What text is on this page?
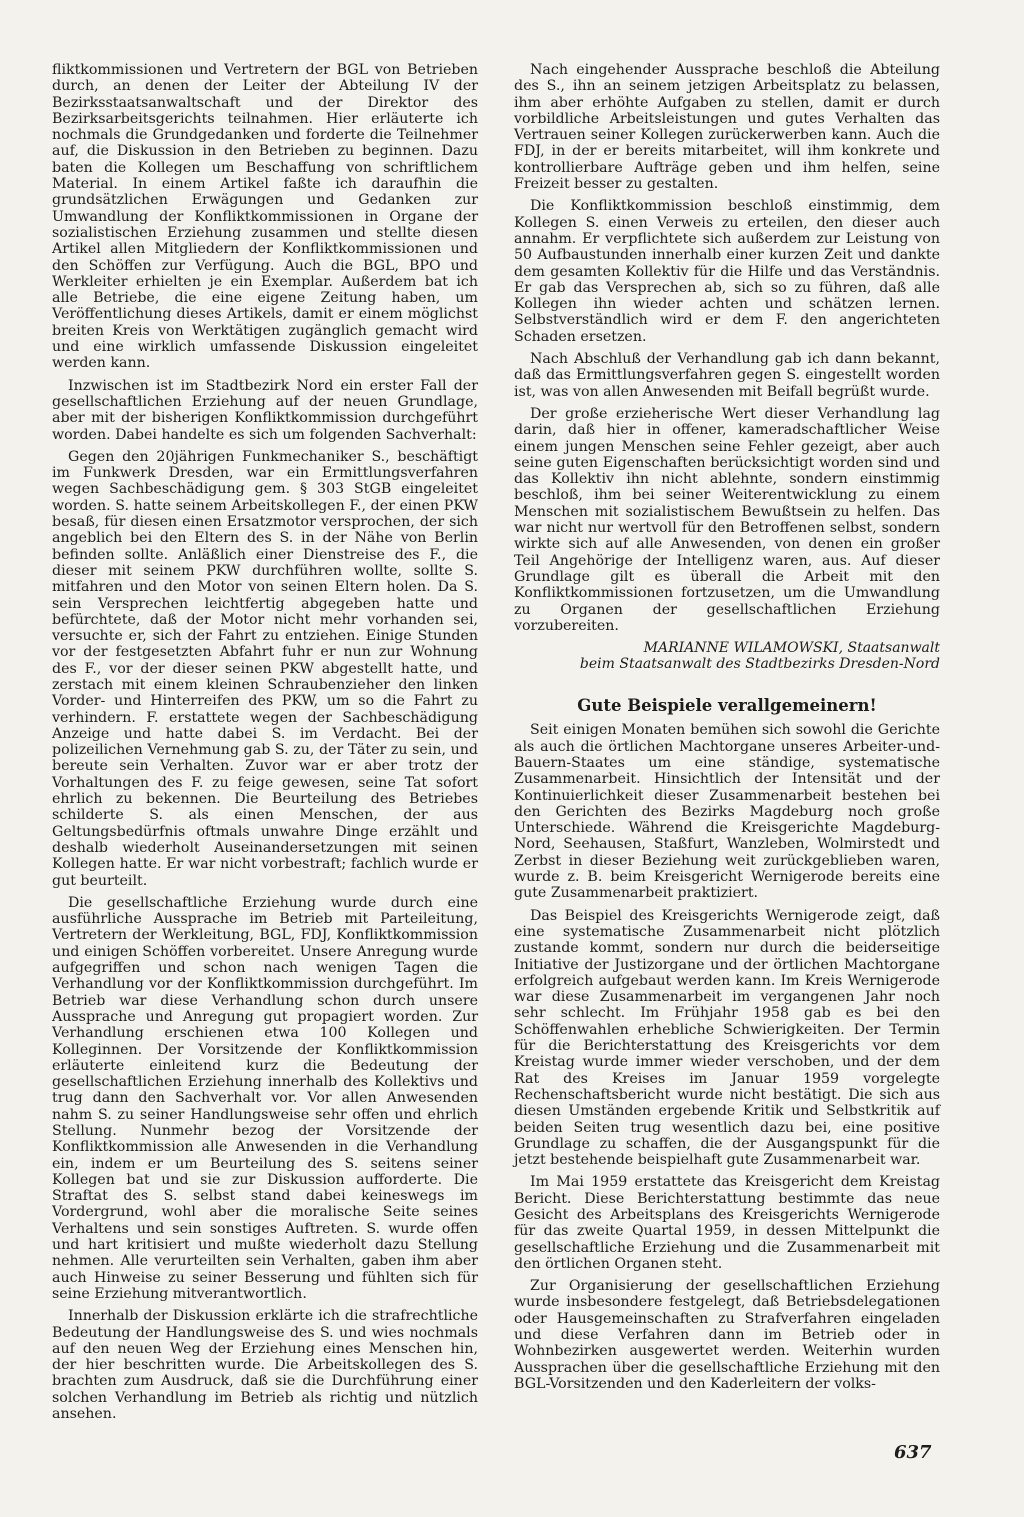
fliktkommissionen und Vertretern der BGL von Betrieben durch, an denen der Leiter der Abteilung IV der Bezirksstaatsanwaltschaft und der Direktor des Bezirksarbeitsgerichts teilnahmen. Hier erläuterte ich nochmals die Grundgedanken und forderte die Teilnehmer auf, die Diskussion in den Betrieben zu beginnen. Dazu baten die Kollegen um Beschaffung von schriftlichem Material. In einem Artikel faßte ich daraufhin die grundsätzlichen Erwägungen und Gedanken zur Umwandlung der Konfliktkommissionen in Organe der sozialistischen Erziehung zusammen und stellte diesen Artikel allen Mitgliedern der Konfliktkommissionen und den Schöffen zur Verfügung. Auch die BGL, BPO und Werkleiter erhielten je ein Exemplar. Außerdem bat ich alle Betriebe, die eine eigene Zeitung haben, um Veröffentlichung dieses Artikels, damit er einem möglichst breiten Kreis von Werktätigen zugänglich gemacht wird und eine wirklich umfassende Diskussion eingeleitet werden kann.

Inzwischen ist im Stadtbezirk Nord ein erster Fall der gesellschaftlichen Erziehung auf der neuen Grundlage, aber mit der bisherigen Konfliktkommission durchgeführt worden. Dabei handelte es sich um folgenden Sachverhalt:

Gegen den 20jährigen Funkmechaniker S., beschäftigt im Funkwerk Dresden, war ein Ermittlungsverfahren wegen Sachbeschädigung gem. § 303 StGB eingeleitet worden. S. hatte seinem Arbeitskollegen F., der einen PKW besaß, für diesen einen Ersatzmotor versprochen, der sich angeblich bei den Eltern des S. in der Nähe von Berlin befinden sollte. Anläßlich einer Dienstreise des F., die dieser mit seinem PKW durchführen wollte, sollte S. mitfahren und den Motor von seinen Eltern holen. Da S. sein Versprechen leichtfertig abgegeben hatte und befürchtete, daß der Motor nicht mehr vorhanden sei, versuchte er, sich der Fahrt zu entziehen. Einige Stunden vor der festgesetzten Abfahrt fuhr er nun zur Wohnung des F., vor der dieser seinen PKW abgestellt hatte, und zerstach mit einem kleinen Schraubenzieher den linken Vorder- und Hinterreifen des PKW, um so die Fahrt zu verhindern. F. erstattete wegen der Sachbeschädigung Anzeige und hatte dabei S. im Verdacht. Bei der polizeilichen Vernehmung gab S. zu, der Täter zu sein, und bereute sein Verhalten. Zuvor war er aber trotz der Vorhaltungen des F. zu feige gewesen, seine Tat sofort ehrlich zu bekennen. Die Beurteilung des Betriebes schilderte S. als einen Menschen, der aus Geltungsbedürfnis oftmals unwahre Dinge erzählt und deshalb wiederholt Auseinandersetzungen mit seinen Kollegen hatte. Er war nicht vorbestraft; fachlich wurde er gut beurteilt.

Die gesellschaftliche Erziehung wurde durch eine ausführliche Aussprache im Betrieb mit Parteileitung, Vertretern der Werkleitung, BGL, FDJ, Konfliktkommission und einigen Schöffen vorbereitet. Unsere Anregung wurde aufgegriffen und schon nach wenigen Tagen die Verhandlung vor der Konfliktkommission durchgeführt. Im Betrieb war diese Verhandlung schon durch unsere Aussprache und Anregung gut propagiert worden. Zur Verhandlung erschienen etwa 100 Kollegen und Kolleginnen. Der Vorsitzende der Konfliktkommission erläuterte einleitend kurz die Bedeutung der gesellschaftlichen Erziehung innerhalb des Kollektivs und trug dann den Sachverhalt vor. Vor allen Anwesenden nahm S. zu seiner Handlungsweise sehr offen und ehrlich Stellung. Nunmehr bezog der Vorsitzende der Konfliktkommission alle Anwesenden in die Verhandlung ein, indem er um Beurteilung des S. seitens seiner Kollegen bat und sie zur Diskussion aufforderte. Die Straftat des S. selbst stand dabei keineswegs im Vordergrund, wohl aber die moralische Seite seines Verhaltens und sein sonstiges Auftreten. S. wurde offen und hart kritisiert und mußte wiederholt dazu Stellung nehmen. Alle verurteilten sein Verhalten, gaben ihm aber auch Hinweise zu seiner Besserung und fühlten sich für seine Erziehung mitverantwortlich.

Innerhalb der Diskussion erklärte ich die strafrechtliche Bedeutung der Handlungsweise des S. und wies nochmals auf den neuen Weg der Erziehung eines Menschen hin, der hier beschritten wurde. Die Arbeitskollegen des S. brachten zum Ausdruck, daß sie die Durchführung einer solchen Verhandlung im Betrieb als richtig und nützlich ansehen.

Nach eingehender Aussprache beschloß die Abteilung des S., ihn an seinem jetzigen Arbeitsplatz zu belassen, ihm aber erhöhte Aufgaben zu stellen, damit er durch vorbildliche Arbeitsleistungen und gutes Verhalten das Vertrauen seiner Kollegen zurückerwerben kann. Auch die FDJ, in der er bereits mitarbeitet, will ihm konkrete und kontrollierbare Aufträge geben und ihm helfen, seine Freizeit besser zu gestalten.

Die Konfliktkommission beschloß einstimmig, dem Kollegen S. einen Verweis zu erteilen, den dieser auch annahm. Er verpflichtete sich außerdem zur Leistung von 50 Aufbaustunden innerhalb einer kurzen Zeit und dankte dem gesamten Kollektiv für die Hilfe und das Verständnis. Er gab das Versprechen ab, sich so zu führen, daß alle Kollegen ihn wieder achten und schätzen lernen. Selbstverständlich wird er dem F. den angerichteten Schaden ersetzen.

Nach Abschluß der Verhandlung gab ich dann bekannt, daß das Ermittlungsverfahren gegen S. eingestellt worden ist, was von allen Anwesenden mit Beifall begrüßt wurde.

Der große erzieherische Wert dieser Verhandlung lag darin, daß hier in offener, kameradschaftlicher Weise einem jungen Menschen seine Fehler gezeigt, aber auch seine guten Eigenschaften berücksichtigt worden sind und das Kollektiv ihn nicht ablehnte, sondern einstimmig beschloß, ihm bei seiner Weiterentwicklung zu einem Menschen mit sozialistischem Bewußtsein zu helfen. Das war nicht nur wertvoll für den Betroffenen selbst, sondern wirkte sich auf alle Anwesenden, von denen ein großer Teil Angehörige der Intelligenz waren, aus. Auf dieser Grundlage gilt es überall die Arbeit mit den Konfliktkommissionen fortzusetzen, um die Umwandlung zu Organen der gesellschaftlichen Erziehung vorzubereiten.

MARIANNE WILAMOWSKI, Staatsanwalt
beim Staatsanwalt des Stadtbezirks Dresden-Nord
Gute Beispiele verallgemeinern!

Seit einigen Monaten bemühen sich sowohl die Gerichte als auch die örtlichen Machtorgane unseres Arbeiter-und-Bauern-Staates um eine ständige, systematische Zusammenarbeit. Hinsichtlich der Intensität und der Kontinuierlichkeit dieser Zusammenarbeit bestehen bei den Gerichten des Bezirks Magdeburg noch große Unterschiede. Während die Kreisgerichte Magdeburg-Nord, Seehausen, Staßfurt, Wanzleben, Wolmirstedt und Zerbst in dieser Beziehung weit zurückgeblieben waren, wurde z. B. beim Kreisgericht Wernigerode bereits eine gute Zusammenarbeit praktiziert.

Das Beispiel des Kreisgerichts Wernigerode zeigt, daß eine systematische Zusammenarbeit nicht plötzlich zustande kommt, sondern nur durch die beiderseitige Initiative der Justizorgane und der örtlichen Machtorgane erfolgreich aufgebaut werden kann. Im Kreis Wernigerode war diese Zusammenarbeit im vergangenen Jahr noch sehr schlecht. Im Frühjahr 1958 gab es bei den Schöffenwahlen erhebliche Schwierigkeiten. Der Termin für die Berichterstattung des Kreisgerichts vor dem Kreistag wurde immer wieder verschoben, und der dem Rat des Kreises im Januar 1959 vorgelegte Rechenschaftsbericht wurde nicht bestätigt. Die sich aus diesen Umständen ergebende Kritik und Selbstkritik auf beiden Seiten trug wesentlich dazu bei, eine positive Grundlage zu schaffen, die der Ausgangspunkt für die jetzt bestehende beispielhaft gute Zusammenarbeit war.

Im Mai 1959 erstattete das Kreisgericht dem Kreistag Bericht. Diese Berichterstattung bestimmte das neue Gesicht des Arbeitsplans des Kreisgerichts Wernigerode für das zweite Quartal 1959, in dessen Mittelpunkt die gesellschaftliche Erziehung und die Zusammenarbeit mit den örtlichen Organen steht.

Zur Organisierung der gesellschaftlichen Erziehung wurde insbesondere festgelegt, daß Betriebsdelegationen oder Hausgemeinschaften zu Strafverfahren eingeladen und diese Verfahren dann im Betrieb oder in Wohnbezirken ausgewertet werden. Weiterhin wurden Aussprachen über die gesellschaftliche Erziehung mit den BGL-Vorsitzenden und den Kaderleitern der volks-

637
